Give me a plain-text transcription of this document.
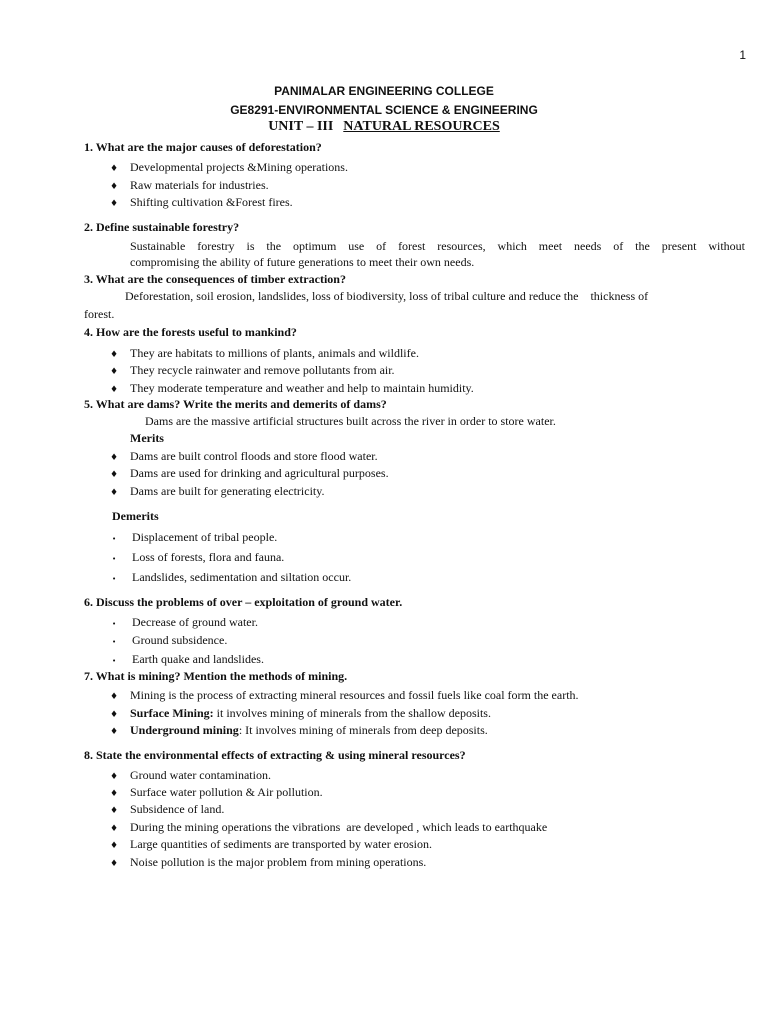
1
PANIMALAR ENGINEERING COLLEGE
GE8291-ENVIRONMENTAL SCIENCE & ENGINEERING
UNIT – III NATURAL RESOURCES
1. What are the major causes of deforestation?
♦ Developmental projects &Mining operations.
♦ Raw materials for industries.
♦ Shifting cultivation &Forest fires.
2. Define sustainable forestry?
Sustainable forestry is the optimum use of forest resources, which meet needs of the present without
compromising the ability of future generations to meet their own needs.
3. What are the consequences of timber extraction?
Deforestation, soil erosion, landslides, loss of biodiversity, loss of tribal culture and reduce the    thickness of
forest.
4. How are the forests useful to mankind?
♦ They are habitats to millions of plants, animals and wildlife.
♦ They recycle rainwater and remove pollutants from air.
♦ They moderate temperature and weather and help to maintain humidity.
5. What are dams? Write the merits and demerits of dams?
Dams are the massive artificial structures built across the river in order to store water.
Merits
♦ Dams are built control floods and store flood water.
♦ Dams are used for drinking and agricultural purposes.
♦ Dams are built for generating electricity.
Demerits
• Displacement of tribal people.
• Loss of forests, flora and fauna.
• Landslides, sedimentation and siltation occur.
6. Discuss the problems of over – exploitation of ground water.
• Decrease of ground water.
• Ground subsidence.
• Earth quake and landslides.
7. What is mining? Mention the methods of mining.
♦ Mining is the process of extracting mineral resources and fossil fuels like coal form the earth.
♦ Surface Mining: it involves mining of minerals from the shallow deposits.
♦ Underground mining: It involves mining of minerals from deep deposits.
8. State the environmental effects of extracting & using mineral resources?
♦ Ground water contamination.
♦ Surface water pollution & Air pollution.
♦ Subsidence of land.
♦ During the mining operations the vibrations  are developed , which leads to earthquake
♦ Large quantities of sediments are transported by water erosion.
♦ Noise pollution is the major problem from mining operations.
